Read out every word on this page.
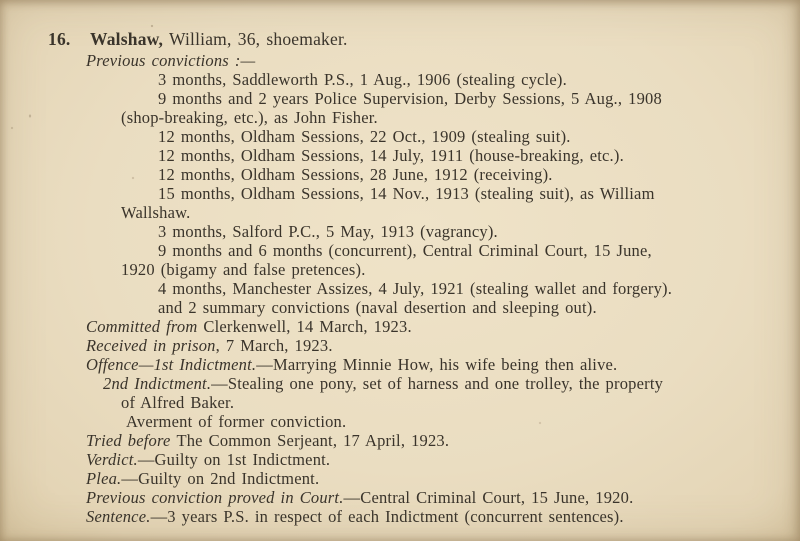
16. Walshaw, William, 36, shoemaker.

Previous convictions :—

3 months, Saddleworth P.S., 1 Aug., 1906 (stealing cycle).

9 months and 2 years Police Supervision, Derby Sessions, 5 Aug., 1908

(shop-breaking, etc.), as John Fisher.

12 months, Oldham Sessions, 22 Oct., 1909 (stealing suit).

12 months, Oldham Sessions, 14 July, 1911 (house-breaking, etc.).

12 months, Oldham Sessions, 28 June, 1912 (receiving).

15 months, Oldham Sessions, 14 Nov., 1913 (stealing suit), as William

Wallshaw.

3 months, Salford P.C., 5 May, 1913 (vagrancy).

9 months and 6 months (concurrent), Central Criminal Court, 15 June,

1920 (bigamy and false pretences).

4 months, Manchester Assizes, 4 July, 1921 (stealing wallet and forgery).

and 2 summary convictions (naval desertion and sleeping out).

Committed from Clerkenwell, 14 March, 1923.

Received in prison, 7 March, 1923.

Offence—1st Indictment.—Marrying Minnie How, his wife being then alive.

2nd Indictment.—Stealing one pony, set of harness and one trolley, the property

of Alfred Baker.

Averment of former conviction.

Tried before The Common Serjeant, 17 April, 1923.

Verdict.—Guilty on 1st Indictment.

Plea.—Guilty on 2nd Indictment.

Previous conviction proved in Court.—Central Criminal Court, 15 June, 1920.

Sentence.—3 years P.S. in respect of each Indictment (concurrent sentences).
